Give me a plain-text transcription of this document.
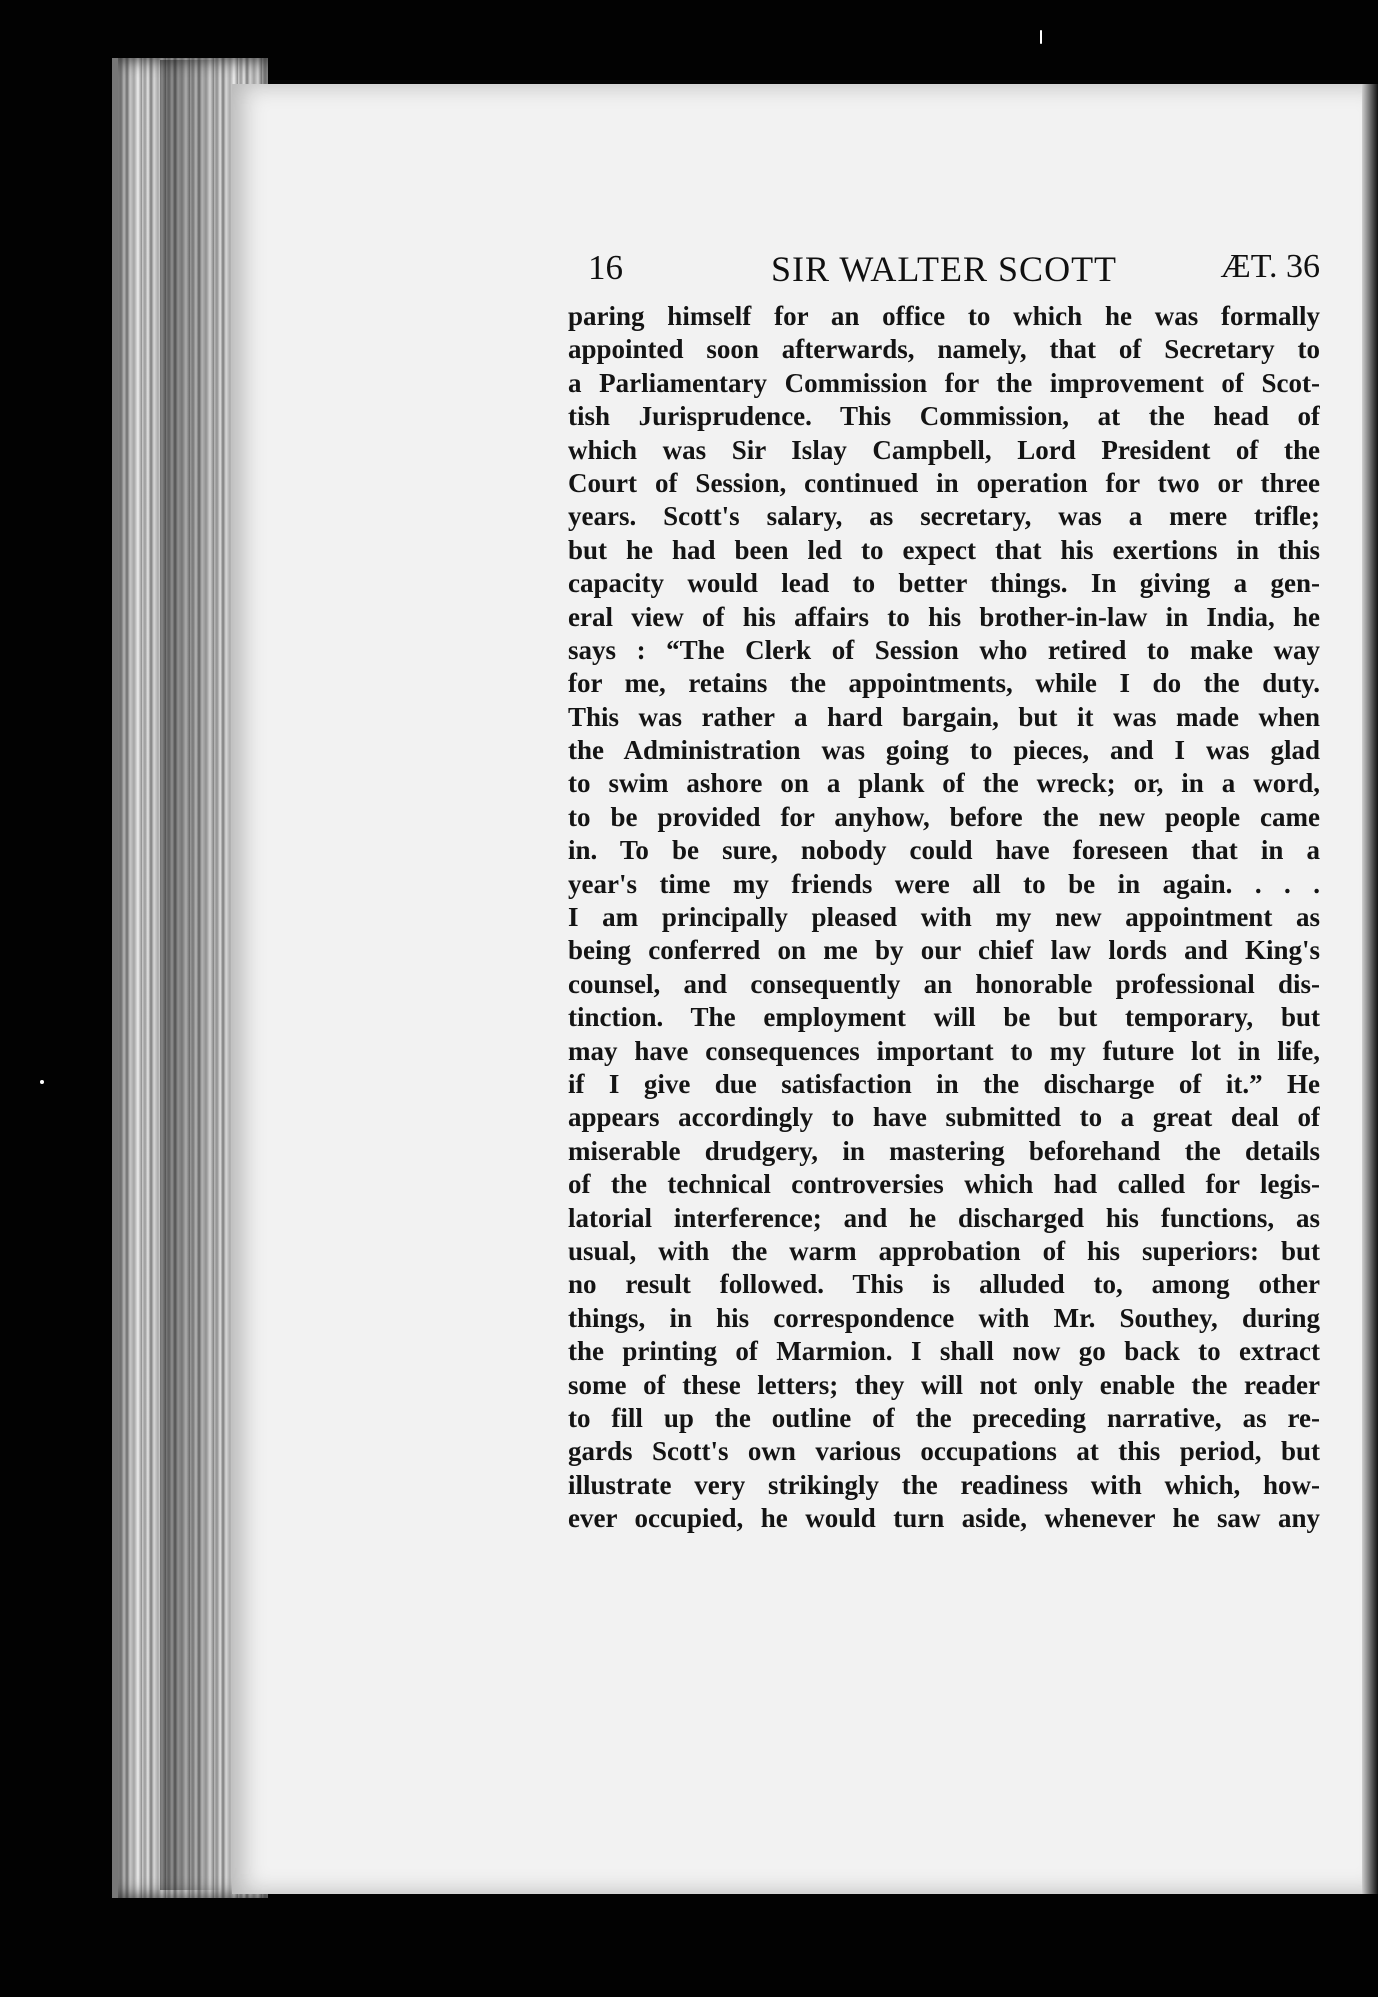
16	SIR WALTER SCOTT	ÆT. 36
paring himself for an office to which he was formally
appointed soon afterwards, namely, that of Secretary to
a Parliamentary Commission for the improvement of Scot-
tish Jurisprudence. This Commission, at the head of
which was Sir Islay Campbell, Lord President of the
Court of Session, continued in operation for two or three
years. Scott's salary, as secretary, was a mere trifle;
but he had been led to expect that his exertions in this
capacity would lead to better things. In giving a gen-
eral view of his affairs to his brother-in-law in India, he
says : “The Clerk of Session who retired to make way
for me, retains the appointments, while I do the duty.
This was rather a hard bargain, but it was made when
the Administration was going to pieces, and I was glad
to swim ashore on a plank of the wreck; or, in a word,
to be provided for anyhow, before the new people came
in. To be sure, nobody could have foreseen that in a
year's time my friends were all to be in again. . . .
I am principally pleased with my new appointment as
being conferred on me by our chief law lords and King's
counsel, and consequently an honorable professional dis-
tinction. The employment will be but temporary, but
may have consequences important to my future lot in life,
if I give due satisfaction in the discharge of it.” He
appears accordingly to have submitted to a great deal of
miserable drudgery, in mastering beforehand the details
of the technical controversies which had called for legis-
latorial interference; and he discharged his functions, as
usual, with the warm approbation of his superiors: but
no result followed. This is alluded to, among other
things, in his correspondence with Mr. Southey, during
the printing of Marmion. I shall now go back to extract
some of these letters; they will not only enable the reader
to fill up the outline of the preceding narrative, as re-
gards Scott's own various occupations at this period, but
illustrate very strikingly the readiness with which, how-
ever occupied, he would turn aside, whenever he saw any
